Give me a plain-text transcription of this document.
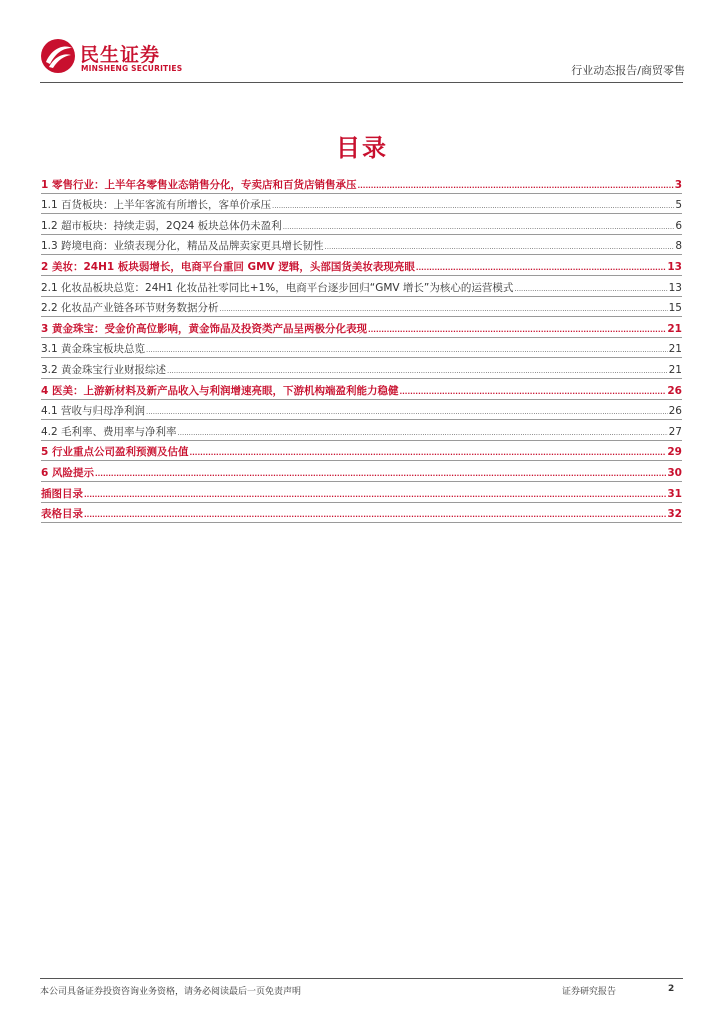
民生证券
MINSHENG SECURITIES	行业动态报告/商贸零售
目录
1 零售行业：上半年各零售业态销售分化，专卖店和百货店销售承压 .....	3
1.1 百货板块：上半年客流有所增长，客单价承压 .....	5
1.2 超市板块：持续走弱，2Q24 板块总体仍未盈利 .....	6
1.3 跨境电商：业绩表现分化，精品及品牌卖家更具增长韧性 .....	8
2 美妆：24H1 板块弱增长，电商平台重回 GMV 逻辑，头部国货美妆表现亮眼 .....	13
2.1 化妆品板块总览：24H1 化妆品社零同比+1%，电商平台逐步回归“GMV 增长”为核心的运营模式 .....	13
2.2 化妆品产业链各环节财务数据分析 .....	15
3 黄金珠宝：受金价高位影响，黄金饰品及投资类产品呈两极分化表现 .....	21
3.1 黄金珠宝板块总览 .....	21
3.2 黄金珠宝行业财报综述 .....	21
4 医美：上游新材料及新产品收入与利润增速亮眼，下游机构端盈利能力稳健 .....	26
4.1 营收与归母净利润 .....	26
4.2 毛利率、费用率与净利率 .....	27
5 行业重点公司盈利预测及估值 .....	29
6 风险提示 .....	30
插图目录 .....	31
表格目录 .....	32
本公司具备证券投资咨询业务资格，请务必阅读最后一页免责声明	证券研究报告	2
